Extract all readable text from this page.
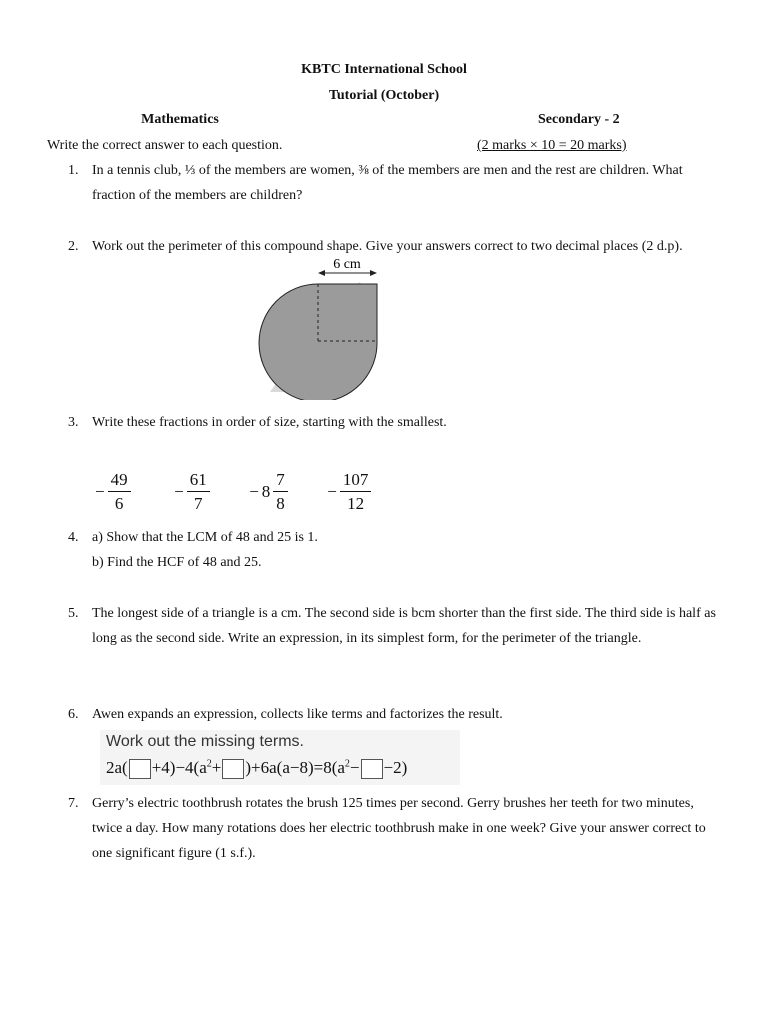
KBTC International School
Tutorial (October)
Mathematics	Secondary - 2
Write the correct answer to each question.	(2 marks × 10 = 20 marks)
1. In a tennis club, ⅓ of the members are women, ⅜ of the members are men and the rest are children. What fraction of the members are children?
2. Work out the perimeter of this compound shape. Give your answers correct to two decimal places (2 d.p).
6 cm
3. Write these fractions in order of size, starting with the smallest.
− $\frac{49}{6}$	− $\frac{61}{7} - 8 \frac{7}{8} - \frac{107}{12}$
4. a) Show that the LCM of 48 and 25 is 1.
b) Find the HCF of 48 and 25.
5. The longest side of a triangle is a cm. The second side is bcm shorter than the first side. The third side is half as long as the second side. Write an expression, in its simplest form, for the perimeter of the triangle.
6. Awen expands an expression, collects like terms and factorizes the result.
Work out the missing terms.
$2a( +4)-4(a^2+ )+6a(a-8)=8(a^2- -2)$
7. Gerry’s electric toothbrush rotates the brush 125 times per second. Gerry brushes her teeth for two minutes, twice a day. How many rotations does her electric toothbrush make in one week? Give your answer correct to one significant figure (1 s.f.).
